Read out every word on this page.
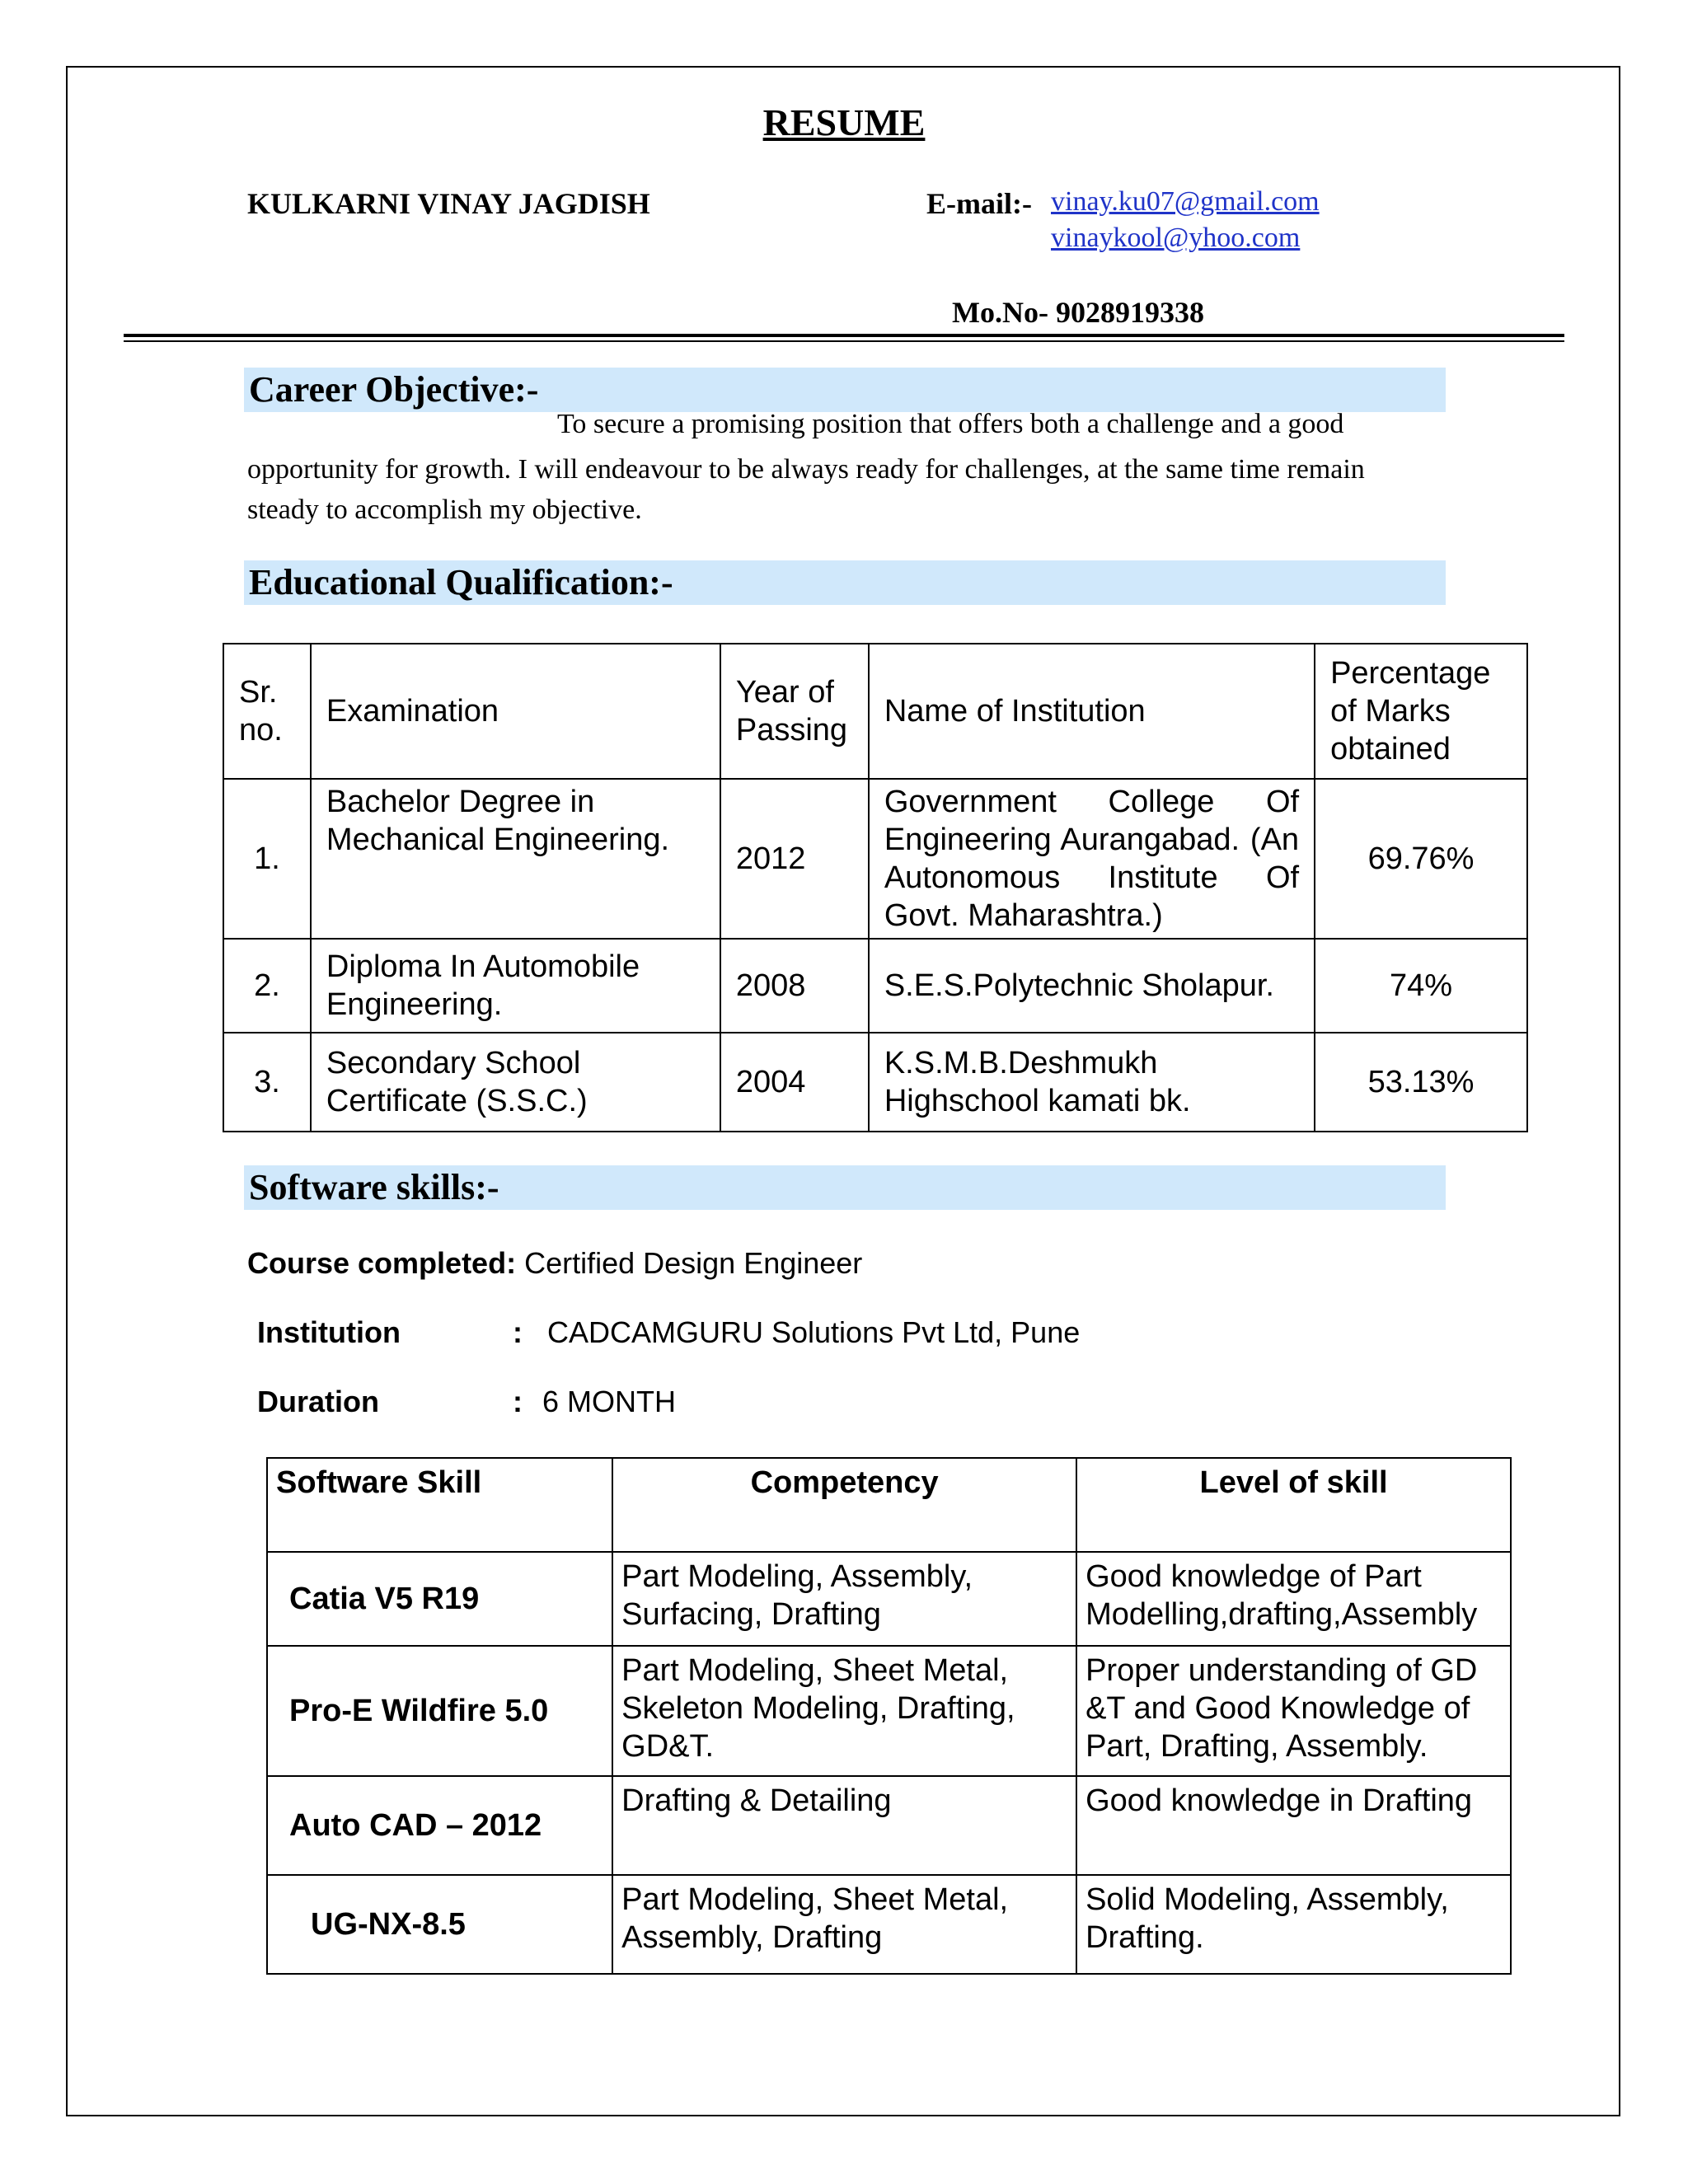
RESUME
KULKARNI VINAY JAGDISH	E-mail:- vinay.ku07@gmail.com
vinaykool@yhoo.com
Mo.No- 9028919338
Career Objective:-
To secure a promising position that offers both a challenge and a good
opportunity for growth. I will endeavour to be always ready for challenges, at the same time remain steady to accomplish my objective.
Educational Qualification:-
Sr. no.	Examination	Year of Passing	Name of Institution	Percentage of Marks obtained
1.	Bachelor Degree in Mechanical Engineering.	2012	Government College Of Engineering Aurangabad. (An Autonomous Institute Of Govt. Maharashtra.)	69.76%
2.	Diploma In Automobile Engineering.	2008	S.E.S.Polytechnic Sholapur.	74%
3.	Secondary School Certificate (S.S.C.)	2004	K.S.M.B.Deshmukh Highschool kamati bk.	53.13%
Software skills:-
Course completed: Certified Design Engineer
Institution	: CADCAMGURU Solutions Pvt Ltd, Pune
Duration	: 6 MONTH
Software Skill	Competency	Level of skill
Catia V5 R19	Part Modeling, Assembly, Surfacing, Drafting	Good knowledge of Part Modelling,drafting,Assembly
Pro-E Wildfire 5.0	Part Modeling, Sheet Metal, Skeleton Modeling, Drafting, GD&T.	Proper understanding of GD &T and Good Knowledge of Part, Drafting, Assembly.
Auto CAD – 2012	Drafting & Detailing	Good knowledge in Drafting
UG-NX-8.5	Part Modeling, Sheet Metal, Assembly, Drafting	Solid Modeling, Assembly, Drafting.
